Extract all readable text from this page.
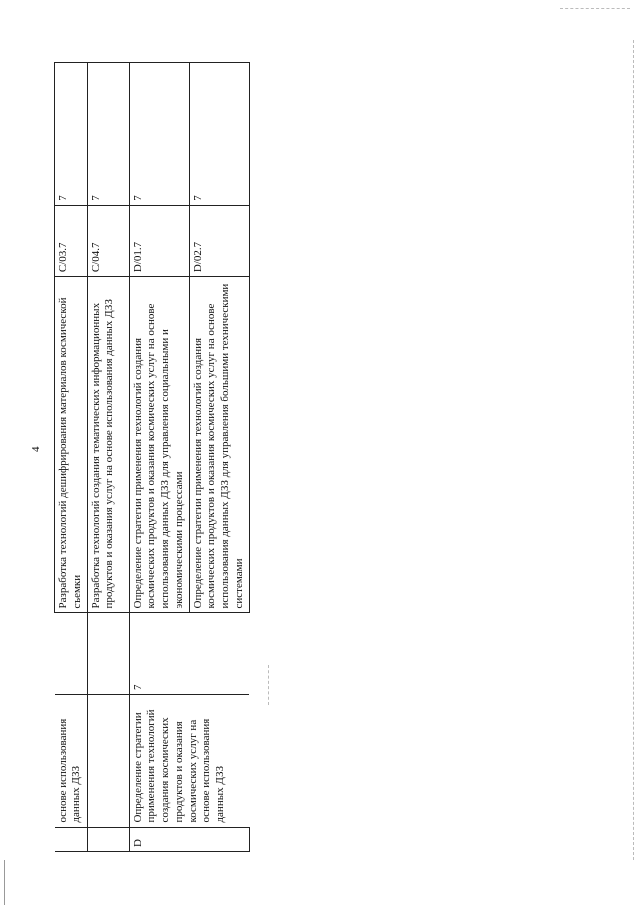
4
	основе использования данных ДЗЗ		Разработка технологий дешифрирования материалов космической съемки	C/03.7	7
			Разработка технологий создания тематических информационных продуктов и оказания услуг на основе использования данных ДЗЗ	C/04.7	7
D	Определение стратегии применения технологий создания космических продуктов и оказания космических услуг на основе использования данных ДЗЗ	7	Определение стратегии применения технологий создания космических продуктов и оказания космических услуг на основе использования данных ДЗЗ для управления социальными и экономическими процессами	D/01.7	7
			Определение стратегии применения технологий создания космических продуктов и оказания космических услуг на основе использования данных ДЗЗ для управления большими техническими системами	D/02.7	7
